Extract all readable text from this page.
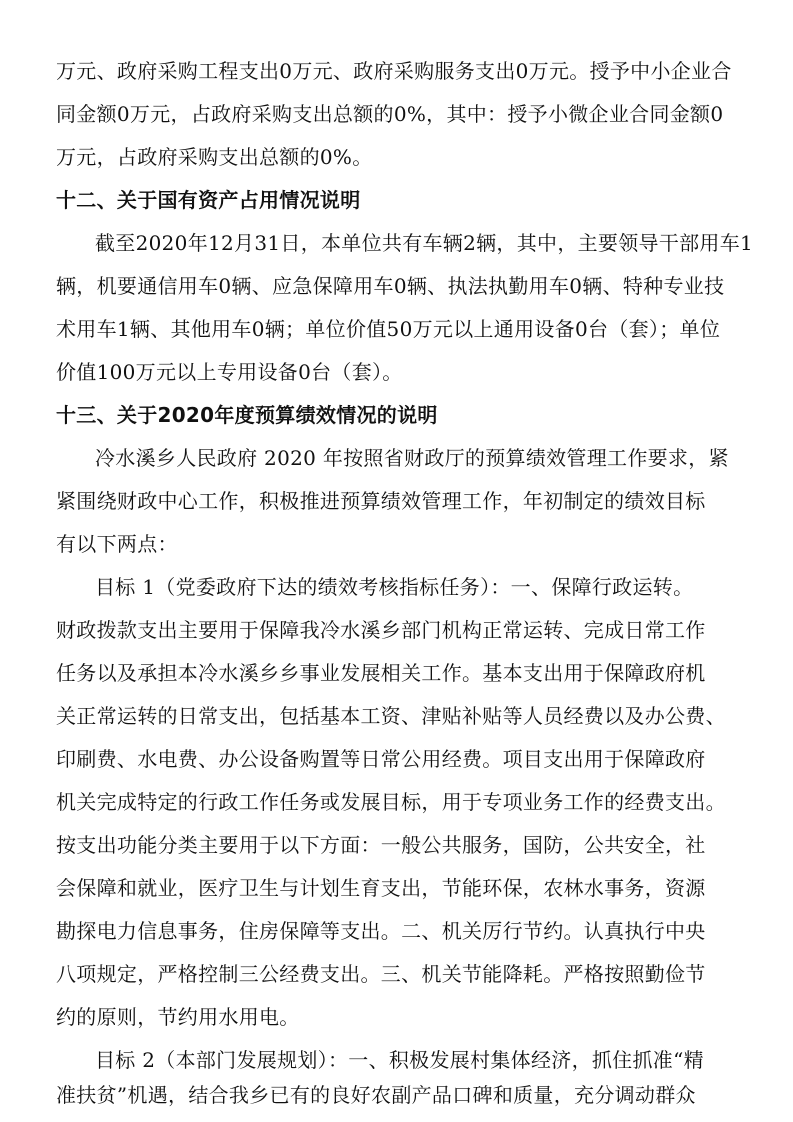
万元、政府采购工程支出0万元、政府采购服务支出0万元。授予中小企业合
同金额0万元，占政府采购支出总额的0%，其中：授予小微企业合同金额0
万元，占政府采购支出总额的0%。
十二、关于国有资产占用情况说明
截至2020年12月31日，本单位共有车辆2辆，其中，主要领导干部用车1
辆，机要通信用车0辆、应急保障用车0辆、执法执勤用车0辆、特种专业技
术用车1辆、其他用车0辆；单位价值50万元以上通用设备0台（套）；单位
价值100万元以上专用设备0台（套）。
十三、关于2020年度预算绩效情况的说明
冷水溪乡人民政府 2020 年按照省财政厅的预算绩效管理工作要求，紧
紧围绕财政中心工作，积极推进预算绩效管理工作，年初制定的绩效目标
有以下两点：
目标 1（党委政府下达的绩效考核指标任务）：一、保障行政运转。
财政拨款支出主要用于保障我冷水溪乡部门机构正常运转、完成日常工作
任务以及承担本冷水溪乡乡事业发展相关工作。基本支出用于保障政府机
关正常运转的日常支出，包括基本工资、津贴补贴等人员经费以及办公费、
印刷费、水电费、办公设备购置等日常公用经费。项目支出用于保障政府
机关完成特定的行政工作任务或发展目标，用于专项业务工作的经费支出。
按支出功能分类主要用于以下方面：一般公共服务，国防，公共安全，社
会保障和就业，医疗卫生与计划生育支出，节能环保，农林水事务，资源
勘探电力信息事务，住房保障等支出。二、机关厉行节约。认真执行中央
八项规定，严格控制三公经费支出。三、机关节能降耗。严格按照勤俭节
约的原则，节约用水用电。
目标 2（本部门发展规划）：一、积极发展村集体经济，抓住抓准“精
准扶贫”机遇，结合我乡已有的良好农副产品口碑和质量，充分调动群众
